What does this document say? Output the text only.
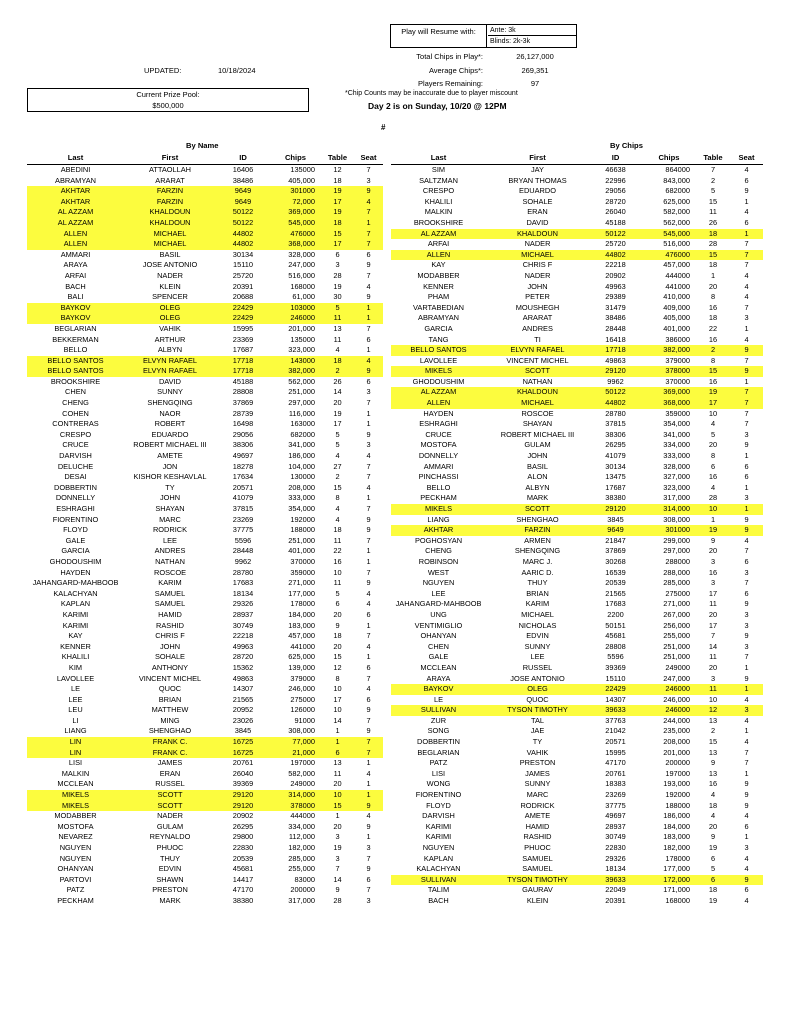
Play will Resume with:	Ante: 3k
Blinds: 2k-3k
Total Chips in Play*:	26,127,000
Average Chips*:	269,351
Players Remaining:	97
UPDATED:	10/18/2024
Current Prize Pool:
$500,000
*Chip Counts may be inaccurate due to player miscount
Day 2 is on Sunday, 10/20 @ 12PM
#
By Name	By Chips
Last	First	ID	Chips	Table	Seat
ABEDINI	ATTAOLLAH	16406	135000	12	7
ABRAMYAN	ARARAT	38486	405,000	18	3
AKHTAR	FARZIN	9649	301000	19	9
AKHTAR	FARZIN	9649	72,000	17	4
AL AZZAM	KHALDOUN	50122	369,000	19	7
AL AZZAM	KHALDOUN	50122	545,000	18	1
ALLEN	MICHAEL	44802	476000	15	7
ALLEN	MICHAEL	44802	368,000	17	7
AMMARI	BASIL	30134	328,000	6	6
ARAYA	JOSE ANTONIO	15110	247,000	3	9
ARFAI	NADER	25720	516,000	28	7
BACH	KLEIN	20391	168000	19	4
BALI	SPENCER	20688	61,000	30	9
BAYKOV	OLEG	22429	103000	5	1
BAYKOV	OLEG	22429	246000	11	1
BEGLARIAN	VAHIK	15995	201,000	13	7
BEKKERMAN	ARTHUR	23369	135000	11	6
BELLO	ALBYN	17687	323,000	4	1
BELLO SANTOS	ELVYN RAFAEL	17718	143000	18	4
BELLO SANTOS	ELVYN RAFAEL	17718	382,000	2	9
BROOKSHIRE	DAVID	45188	562,000	26	6
CHEN	SUNNY	28808	251,000	14	3
CHENG	SHENGQING	37869	297,000	20	7
COHEN	NAOR	28739	116,000	19	1
CONTRERAS	ROBERT	16498	163000	17	1
CRESPO	EDUARDO	29056	682000	5	9
CRUCE	ROBERT MICHAEL III	38306	341,000	5	3
DARVISH	AMETE	49697	186,000	4	4
DELUCHE	JON	18278	104,000	27	7
DESAI	KISHOR KESHAVLAL	17634	130000	2	7
DOBBERTIN	TY	20571	208,000	15	4
DONNELLY	JOHN	41079	333,000	8	1
ESHRAGHI	SHAYAN	37815	354,000	4	7
FIORENTINO	MARC	23269	192000	4	9
FLOYD	RODRICK	37775	188000	18	9
GALE	LEE	5596	251,000	11	7
GARCIA	ANDRES	28448	401,000	22	1
GHODOUSHIM	NATHAN	9962	370000	16	1
HAYDEN	ROSCOE	28780	359000	10	7
JAHANGARD-MAHBOOB	KARIM	17683	271,000	11	9
KALACHYAN	SAMUEL	18134	177,000	5	4
KAPLAN	SAMUEL	29326	178000	6	4
KARIMI	HAMID	28937	184,000	20	6
KARIMI	RASHID	30749	183,000	9	1
KAY	CHRIS F	22218	457,000	18	7
KENNER	JOHN	49963	441000	20	4
KHALILI	SOHALE	28720	625,000	15	1
KIM	ANTHONY	15362	139,000	12	6
LAVOLLEE	VINCENT MICHEL	49863	379000	8	7
LE	QUOC	14307	246,000	10	4
LEE	BRIAN	21565	275000	17	6
LEU	MATTHEW	20952	126000	10	9
LI	MING	23026	91000	14	7
LIANG	SHENGHAO	3845	308,000	1	9
LIN	FRANK C.	16725	77,000	1	7
LIN	FRANK C.	16725	21,000	6	7
LISI	JAMES	20761	197000	13	1
MALKIN	ERAN	26040	582,000	11	4
MCCLEAN	RUSSEL	39369	249000	20	1
MIKELS	SCOTT	29120	314,000	10	1
MIKELS	SCOTT	29120	378000	15	9
MODABBER	NADER	20902	444000	1	4
MOSTOFA	GULAM	26295	334,000	20	9
NEVAREZ	REYNALDO	29800	112,000	3	1
NGUYEN	PHUOC	22830	182,000	19	3
NGUYEN	THUY	20539	285,000	3	7
OHANYAN	EDVIN	45681	255,000	7	9
PARTOVI	SHAWN	14417	83000	14	6
PATZ	PRESTON	47170	200000	9	7
PECKHAM	MARK	38380	317,000	28	3
Last	First	ID	Chips	Table	Seat
SIM	JAY	46638	864000	7	4
SALTZMAN	BRYAN THOMAS	22996	843,000	2	6
CRESPO	EDUARDO	29056	682000	5	9
KHALILI	SOHALE	28720	625,000	15	1
MALKIN	ERAN	26040	582,000	11	4
BROOKSHIRE	DAVID	45188	562,000	26	6
AL AZZAM	KHALDOUN	50122	545,000	18	1
ARFAI	NADER	25720	516,000	28	7
ALLEN	MICHAEL	44802	476000	15	7
KAY	CHRIS F	22218	457,000	18	7
MODABBER	NADER	20902	444000	1	4
KENNER	JOHN	49963	441000	20	4
PHAM	PETER	29389	410,000	8	4
VARTABEDIAN	MOUSHEGH	31479	409,000	16	7
ABRAMYAN	ARARAT	38486	405,000	18	3
GARCIA	ANDRES	28448	401,000	22	1
TANG	TI	16418	386000	16	4
BELLO SANTOS	ELVYN RAFAEL	17718	382,000	2	9
LAVOLLEE	VINCENT MICHEL	49863	379000	8	7
MIKELS	SCOTT	29120	378000	15	9
GHODOUSHIM	NATHAN	9962	370000	16	1
AL AZZAM	KHALDOUN	50122	369,000	19	7
ALLEN	MICHAEL	44802	368,000	17	7
HAYDEN	ROSCOE	28780	359000	10	7
ESHRAGHI	SHAYAN	37815	354,000	4	7
CRUCE	ROBERT MICHAEL III	38306	341,000	5	3
MOSTOFA	GULAM	26295	334,000	20	9
DONNELLY	JOHN	41079	333,000	8	1
AMMARI	BASIL	30134	328,000	6	6
PINCHASSI	ALON	13475	327,000	16	6
BELLO	ALBYN	17687	323,000	4	1
PECKHAM	MARK	38380	317,000	28	3
MIKELS	SCOTT	29120	314,000	10	1
LIANG	SHENGHAO	3845	308,000	1	9
AKHTAR	FARZIN	9649	301000	19	9
POGHOSYAN	ARMEN	21847	299,000	9	4
CHENG	SHENGQING	37869	297,000	20	7
ROBINSON	MARC J.	30268	288000	3	6
WEST	AARIC D.	16539	288,000	16	3
NGUYEN	THUY	20539	285,000	3	7
LEE	BRIAN	21565	275000	17	6
JAHANGARD-MAHBOOB	KARIM	17683	271,000	11	9
UNG	MICHAEL	2200	267,000	20	3
VENTIMIGLIO	NICHOLAS	50151	256,000	17	3
OHANYAN	EDVIN	45681	255,000	7	9
CHEN	SUNNY	28808	251,000	14	3
GALE	LEE	5596	251,000	11	7
MCCLEAN	RUSSEL	39369	249000	20	1
ARAYA	JOSE ANTONIO	15110	247,000	3	9
BAYKOV	OLEG	22429	246000	11	1
LE	QUOC	14307	246,000	10	4
SULLIVAN	TYSON TIMOTHY	39633	246000	12	3
ZUR	TAL	37763	244,000	13	4
SONG	JAE	21042	235,000	2	1
DOBBERTIN	TY	20571	208,000	15	4
BEGLARIAN	VAHIK	15995	201,000	13	7
PATZ	PRESTON	47170	200000	9	7
LISI	JAMES	20761	197000	13	1
WONG	SUNNY	18383	193,000	16	9
FIORENTINO	MARC	23269	192000	4	9
FLOYD	RODRICK	37775	188000	18	9
DARVISH	AMETE	49697	186,000	4	4
KARIMI	HAMID	28937	184,000	20	6
KARIMI	RASHID	30749	183,000	9	1
NGUYEN	PHUOC	22830	182,000	19	3
KAPLAN	SAMUEL	29326	178000	6	4
KALACHYAN	SAMUEL	18134	177,000	5	4
SULLIVAN	TYSON TIMOTHY	39633	172,000	6	9
TALIM	GAURAV	22049	171,000	18	6
BACH	KLEIN	20391	168000	19	4
